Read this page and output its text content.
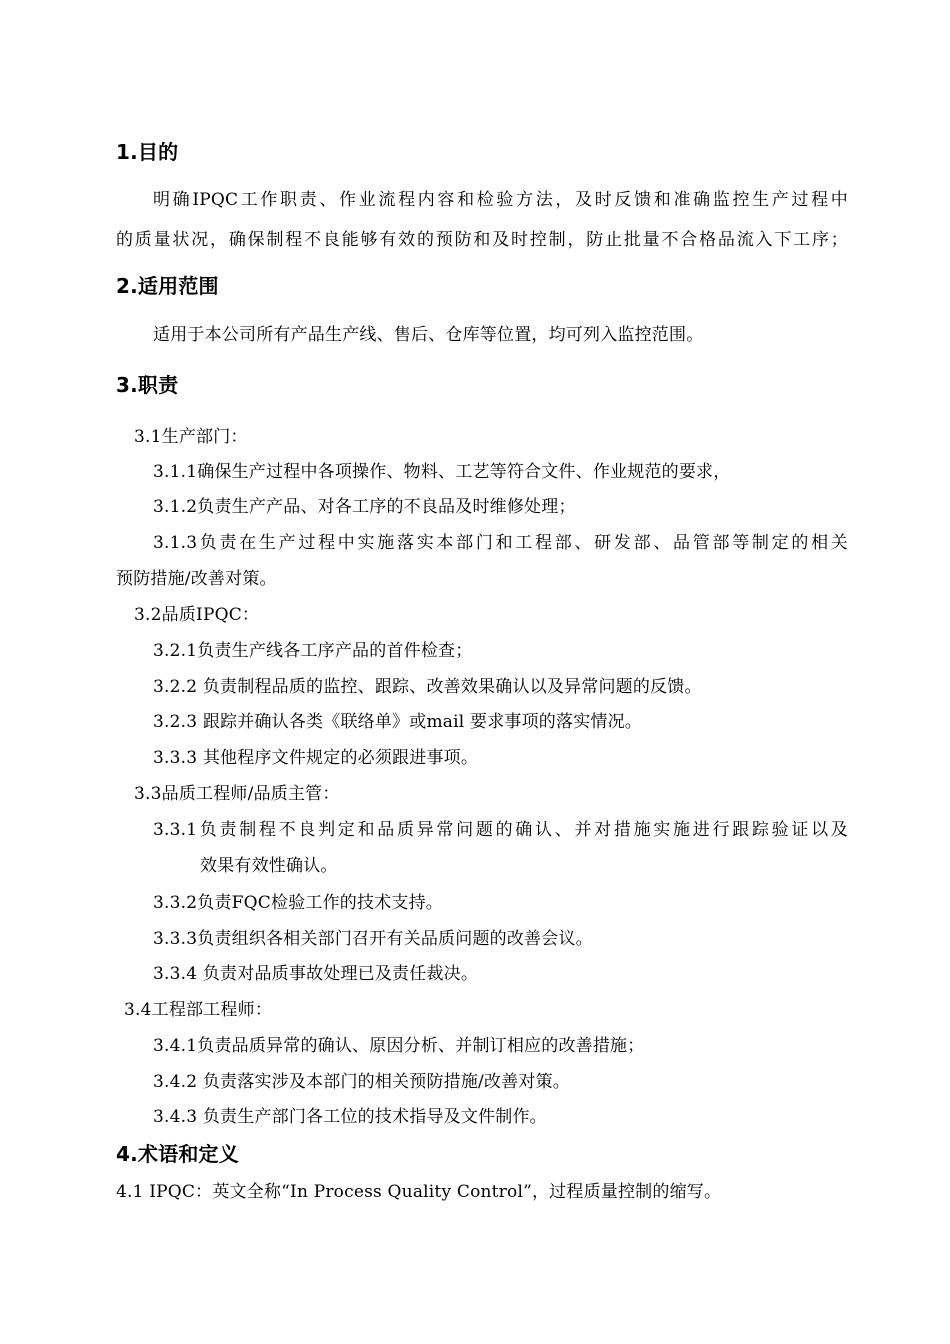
1.目的
明确IPQC工作职责、作业流程内容和检验方法，及时反馈和准确监控生产过程中
的质量状况，确保制程不良能够有效的预防和及时控制，防止批量不合格品流入下工序；
2.适用范围
适用于本公司所有产品生产线、售后、仓库等位置，均可列入监控范围。
3.职责
3.1生产部门：
3.1.1确保生产过程中各项操作、物料、工艺等符合文件、作业规范的要求，
3.1.2负责生产产品、对各工序的不良品及时维修处理；
3.1.3负责在生产过程中实施落实本部门和工程部、研发部、品管部等制定的相关
预防措施/改善对策。
3.2品质IPQC：
3.2.1负责生产线各工序产品的首件检查；
3.2.2 负责制程品质的监控、跟踪、改善效果确认以及异常问题的反馈。
3.2.3 跟踪并确认各类《联络单》或mail 要求事项的落实情况。
3.3.3 其他程序文件规定的必须跟进事项。
3.3品质工程师/品质主管：
3.3.1负责制程不良判定和品质异常问题的确认、并对措施实施进行跟踪验证以及
效果有效性确认。
3.3.2负责FQC检验工作的技术支持。
3.3.3负责组织各相关部门召开有关品质问题的改善会议。
3.3.4 负责对品质事故处理已及责任裁决。
3.4工程部工程师：
3.4.1负责品质异常的确认、原因分析、并制订相应的改善措施；
3.4.2 负责落实涉及本部门的相关预防措施/改善对策。
3.4.3 负责生产部门各工位的技术指导及文件制作。
4.术语和定义
4.1 IPQC：英文全称“In Process Quality Control”，过程质量控制的缩写。
